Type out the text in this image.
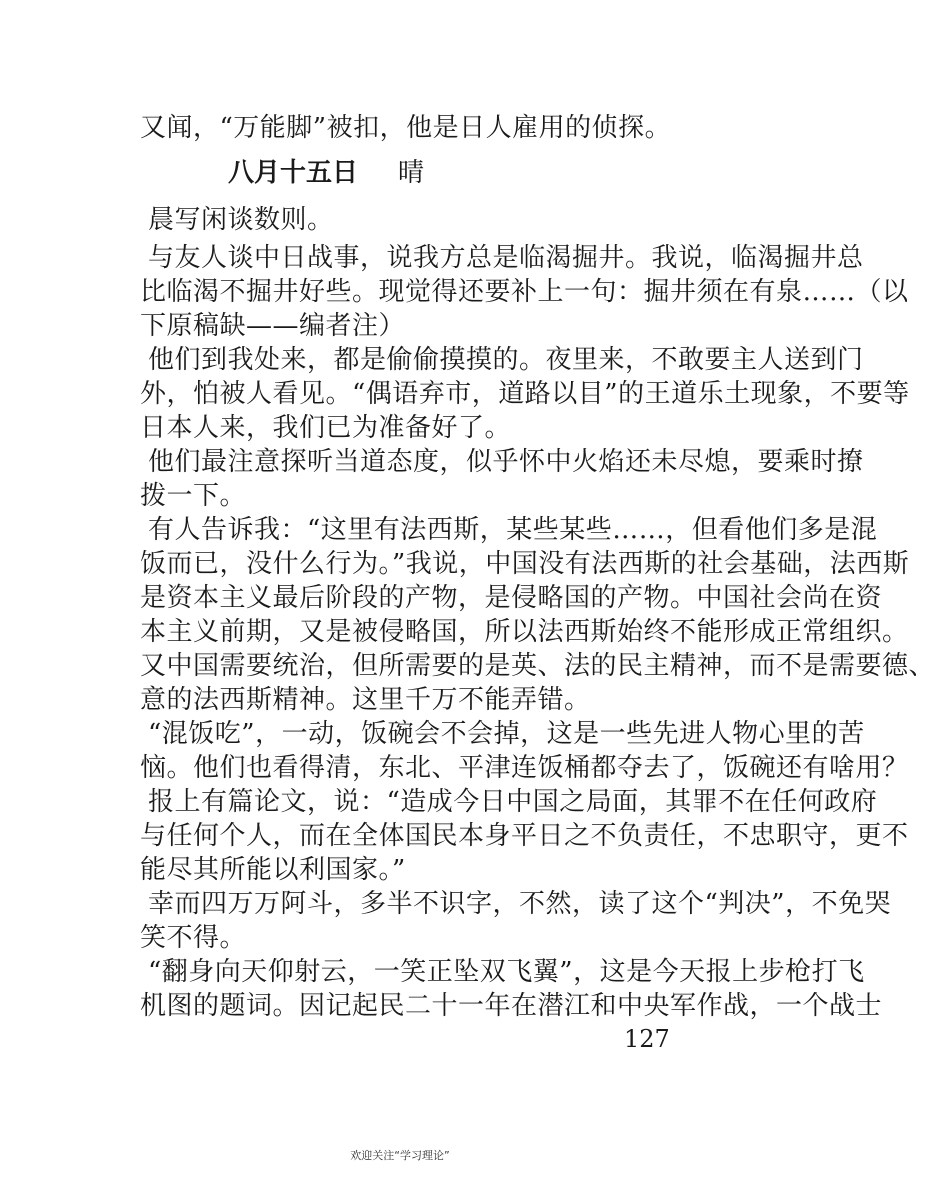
又闻，“万能脚”被扣，他是日人雇用的侦探。
八月十五日 晴
晨写闲谈数则。
与友人谈中日战事，说我方总是临渴掘井。我说，临渴掘井总
比临渴不掘井好些。现觉得还要补上一句：掘井须在有泉……（以
下原稿缺——编者注）
他们到我处来，都是偷偷摸摸的。夜里来，不敢要主人送到门
外，怕被人看见。“偶语弃市，道路以目”的王道乐土现象，不要等
日本人来，我们已为准备好了。
他们最注意探听当道态度，似乎怀中火焰还未尽熄，要乘时撩
拨一下。
有人告诉我：“这里有法西斯，某些某些……，但看他们多是混
饭而已，没什么行为。”我说，中国没有法西斯的社会基础，法西斯
是资本主义最后阶段的产物，是侵略国的产物。中国社会尚在资
本主义前期，又是被侵略国，所以法西斯始终不能形成正常组织。
又中国需要统治，但所需要的是英、法的民主精神，而不是需要德、
意的法西斯精神。这里千万不能弄错。
“混饭吃”，一动，饭碗会不会掉，这是一些先进人物心里的苦
恼。他们也看得清，东北、平津连饭桶都夺去了，饭碗还有啥用？
报上有篇论文，说：“造成今日中国之局面，其罪不在任何政府
与任何个人，而在全体国民本身平日之不负责任，不忠职守，更不
能尽其所能以利国家。”
幸而四万万阿斗，多半不识字，不然，读了这个“判决”，不免哭
笑不得。
“翻身向天仰射云，一笑正坠双飞翼”，这是今天报上步枪打飞
机图的题词。因记起民二十一年在潜江和中央军作战，一个战士
127
欢迎关注“学习理论”
